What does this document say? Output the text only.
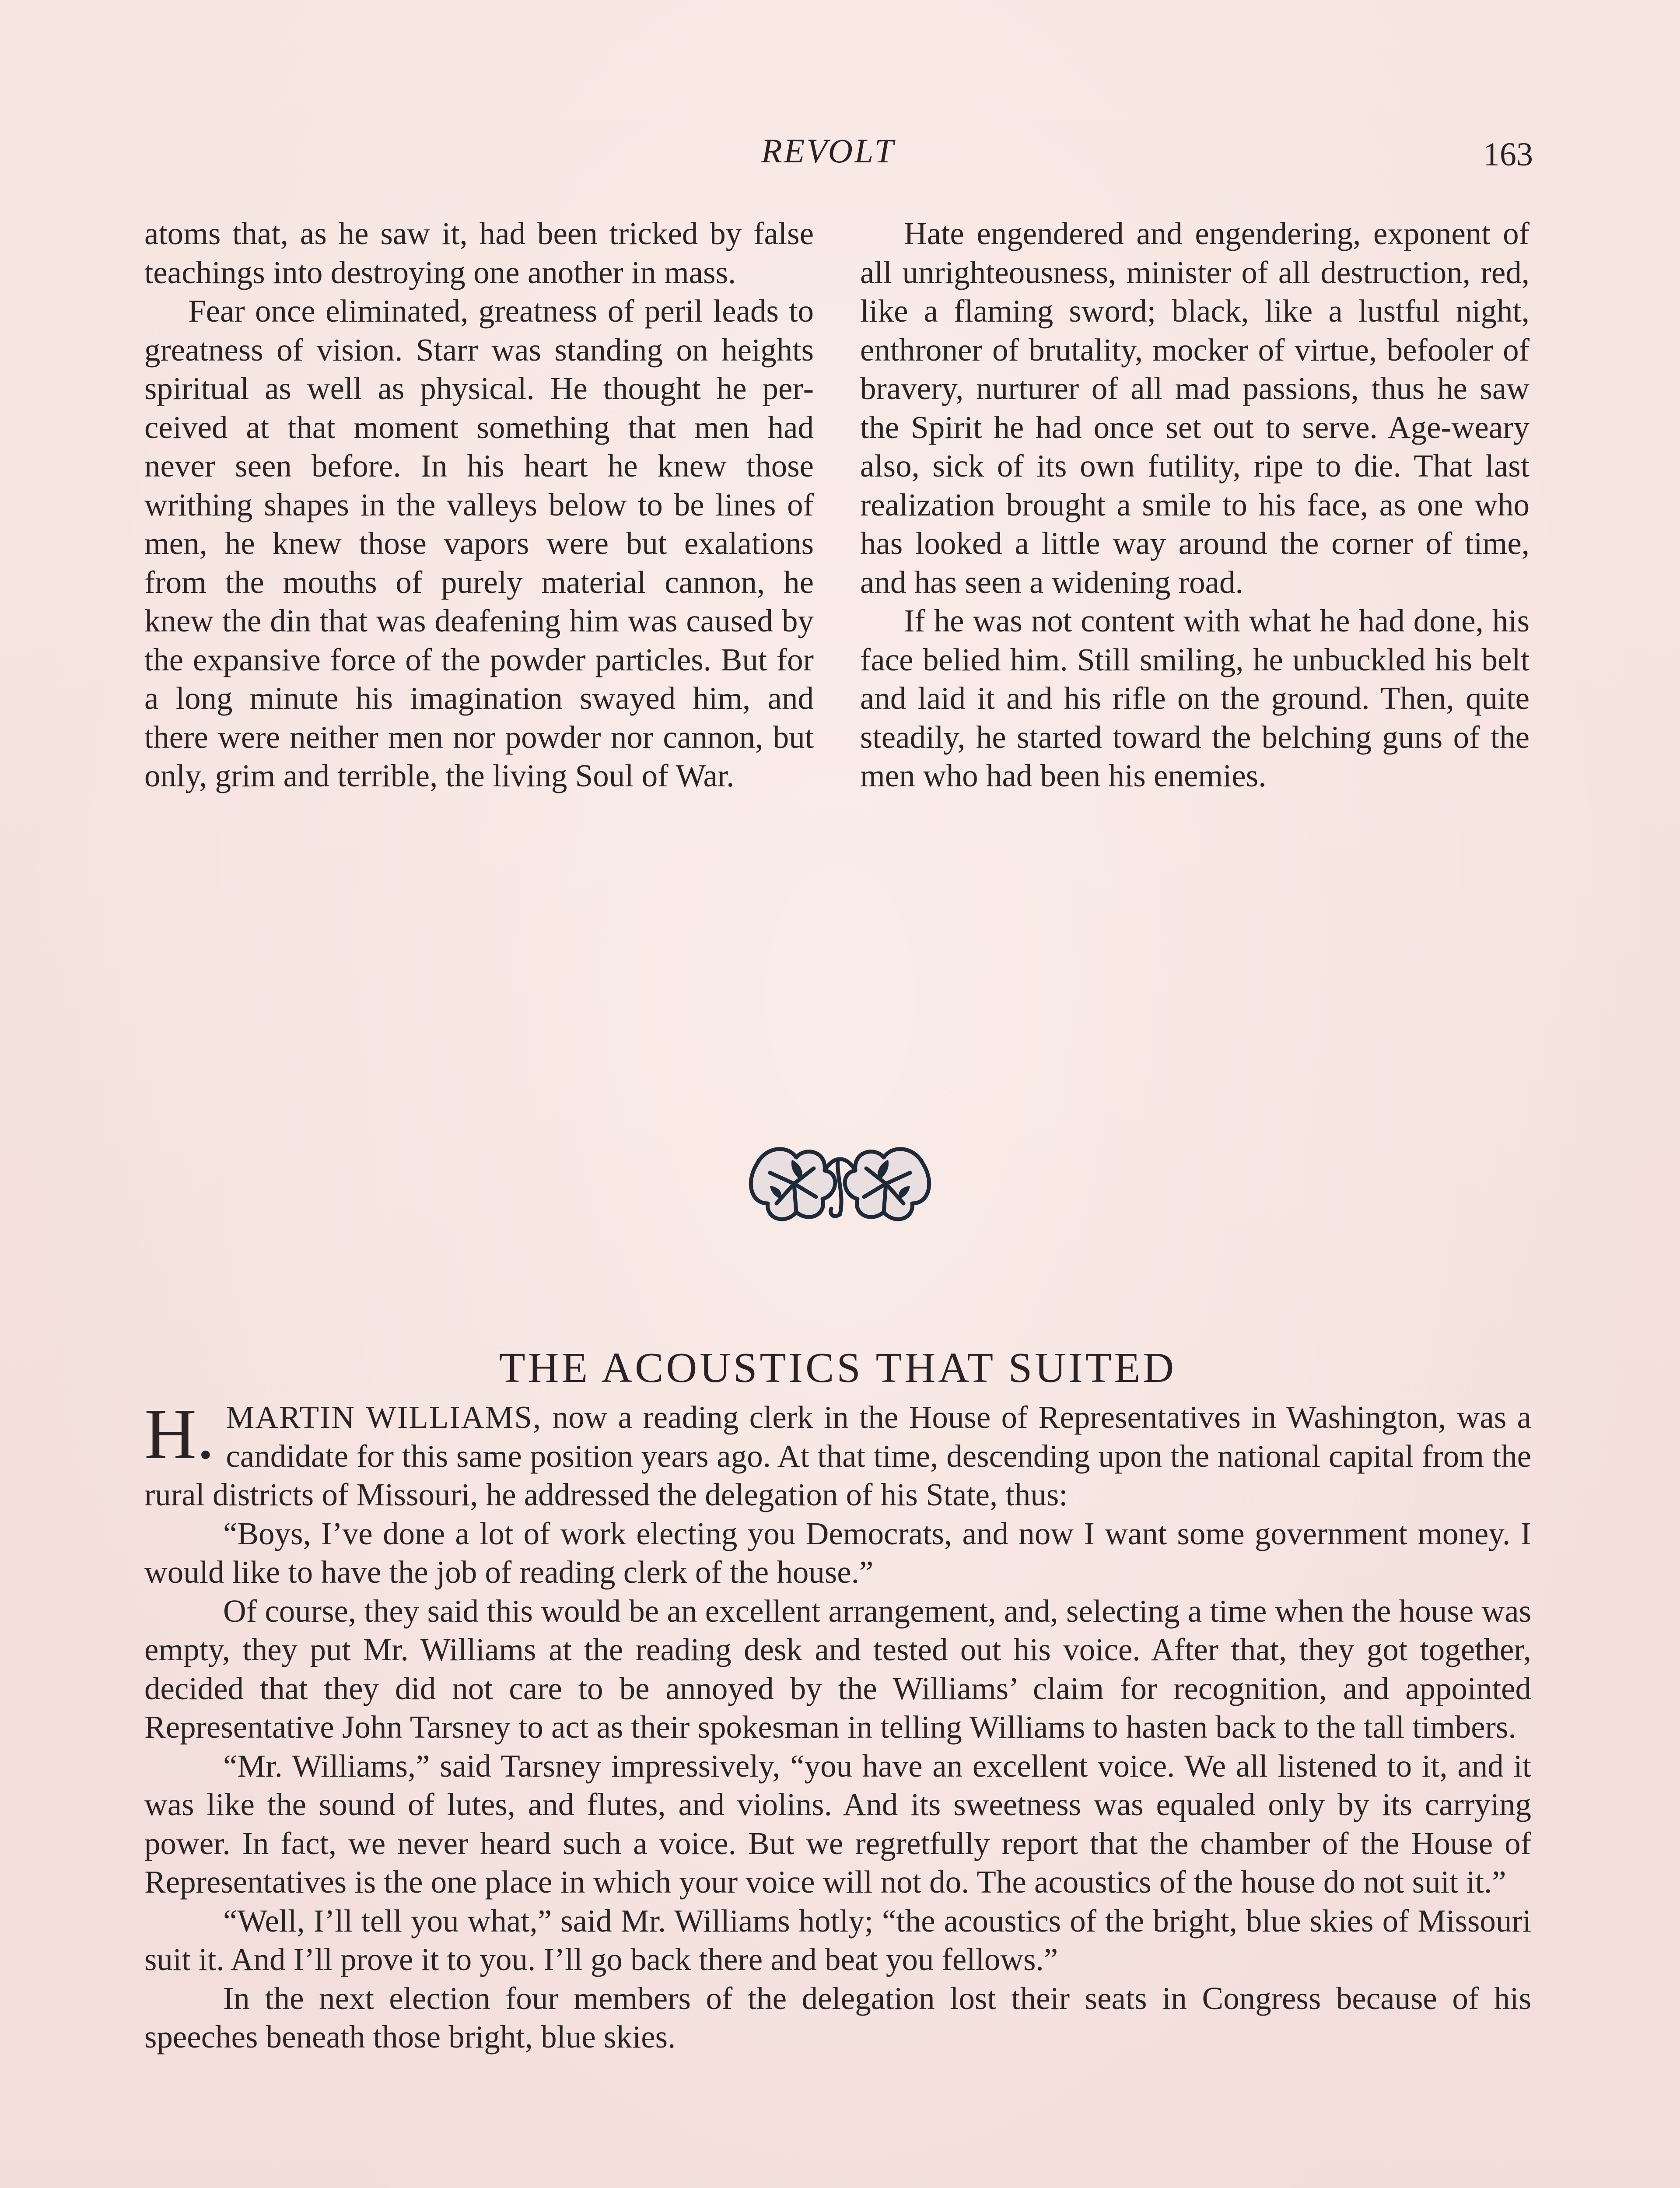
REVOLT	163

atoms that, as he saw it, had been tricked by false teachings into destroying one another in mass.

Fear once eliminated, greatness of peril leads to greatness of vision. Starr was standing on heights spiritual as well as physical. He thought he perceived at that moment something that men had never seen before. In his heart he knew those writhing shapes in the valleys below to be lines of men, he knew those vapors were but exalations from the mouths of purely material cannon, he knew the din that was deafening him was caused by the expansive force of the powder particles. But for a long minute his imagination swayed him, and there were neither men nor powder nor cannon, but only, grim and terrible, the living Soul of War.

Hate engendered and engendering, exponent of all unrighteousness, minister of all destruction, red, like a flaming sword; black, like a lustful night, enthroner of brutality, mocker of virtue, befooler of bravery, nurturer of all mad passions, thus he saw the Spirit he had once set out to serve. Age-weary also, sick of its own futility, ripe to die. That last realization brought a smile to his face, as one who has looked a little way around the corner of time, and has seen a widening road.

If he was not content with what he had done, his face belied him. Still smiling, he unbuckled his belt and laid it and his rifle on the ground. Then, quite steadily, he started toward the belching guns of the men who had been his enemies.

THE ACOUSTICS THAT SUITED

H. MARTIN WILLIAMS, now a reading clerk in the House of Representatives in Washington, was a candidate for this same position years ago. At that time, descending upon the national capital from the rural districts of Missouri, he addressed the delegation of his State, thus:

“Boys, I’ve done a lot of work electing you Democrats, and now I want some government money. I would like to have the job of reading clerk of the house.”

Of course, they said this would be an excellent arrangement, and, selecting a time when the house was empty, they put Mr. Williams at the reading desk and tested out his voice. After that, they got together, decided that they did not care to be annoyed by the Williams’ claim for recognition, and appointed Representative John Tarsney to act as their spokesman in telling Williams to hasten back to the tall timbers.

“Mr. Williams,” said Tarsney impressively, “you have an excellent voice. We all listened to it, and it was like the sound of lutes, and flutes, and violins. And its sweetness was equaled only by its carrying power. In fact, we never heard such a voice. But we regretfully report that the chamber of the House of Representatives is the one place in which your voice will not do. The acoustics of the house do not suit it.”

“Well, I’ll tell you what,” said Mr. Williams hotly; “the acoustics of the bright, blue skies of Missouri suit it. And I’ll prove it to you. I’ll go back there and beat you fellows.”

In the next election four members of the delegation lost their seats in Congress because of his speeches beneath those bright, blue skies.
